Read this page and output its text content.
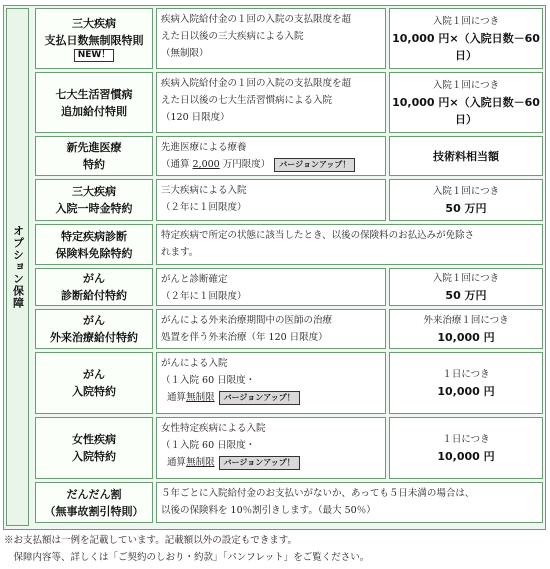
オプション保障
三大疾病
支払日数無制限特則
NEW！
疾病入院給付金の１回の入院の支払限度を超
えた日以後の三大疾病による入院
（無制限）
入院１回につき
10,000 円×（入院日数－60 日）
七大生活習慣病
追加給付特則
疾病入院給付金の１回の入院の支払限度を超
えた日以後の七大生活習慣病による入院
（120 日限度）
入院１回につき
10,000 円×（入院日数－60 日）
新先進医療
特約
先進医療による療養
（通算 2,000 万円限度） バージョンアップ！
技術料相当額
三大疾病
入院一時金特約
三大疾病による入院
（２年に１回限度）
入院１回につき
50 万円
特定疾病診断
保険料免除特約
特定疾病で所定の状態に該当したとき、以後の保険料のお払込みが免除さ
れます。
がん
診断給付特約
がんと診断確定
（２年に１回限度）
入院１回につき
50 万円
がん
外来治療給付特約
がんによる外来治療期間中の医師の治療
処置を伴う外来治療（年 120 日限度）
外来治療１回につき
10,000 円
がん
入院特約
がんによる入院
（１入院 60 日限度・
通算無制限 バージョンアップ！
１日につき
10,000 円
女性疾病
入院特約
女性特定疾病による入院
（１入院 60 日限度・
通算無制限 バージョンアップ！
１日につき
10,000 円
だんだん割
（無事故割引特則）
５年ごとに入院給付金のお支払いがないか、あっても５日未満の場合は、
以後の保険料を 10％割引きします。（最大 50％）
※お支払額は一例を記載しています。記載額以外の設定もできます。
　保障内容等、詳しくは「ご契約のしおり・約款」「パンフレット」をご覧ください。
